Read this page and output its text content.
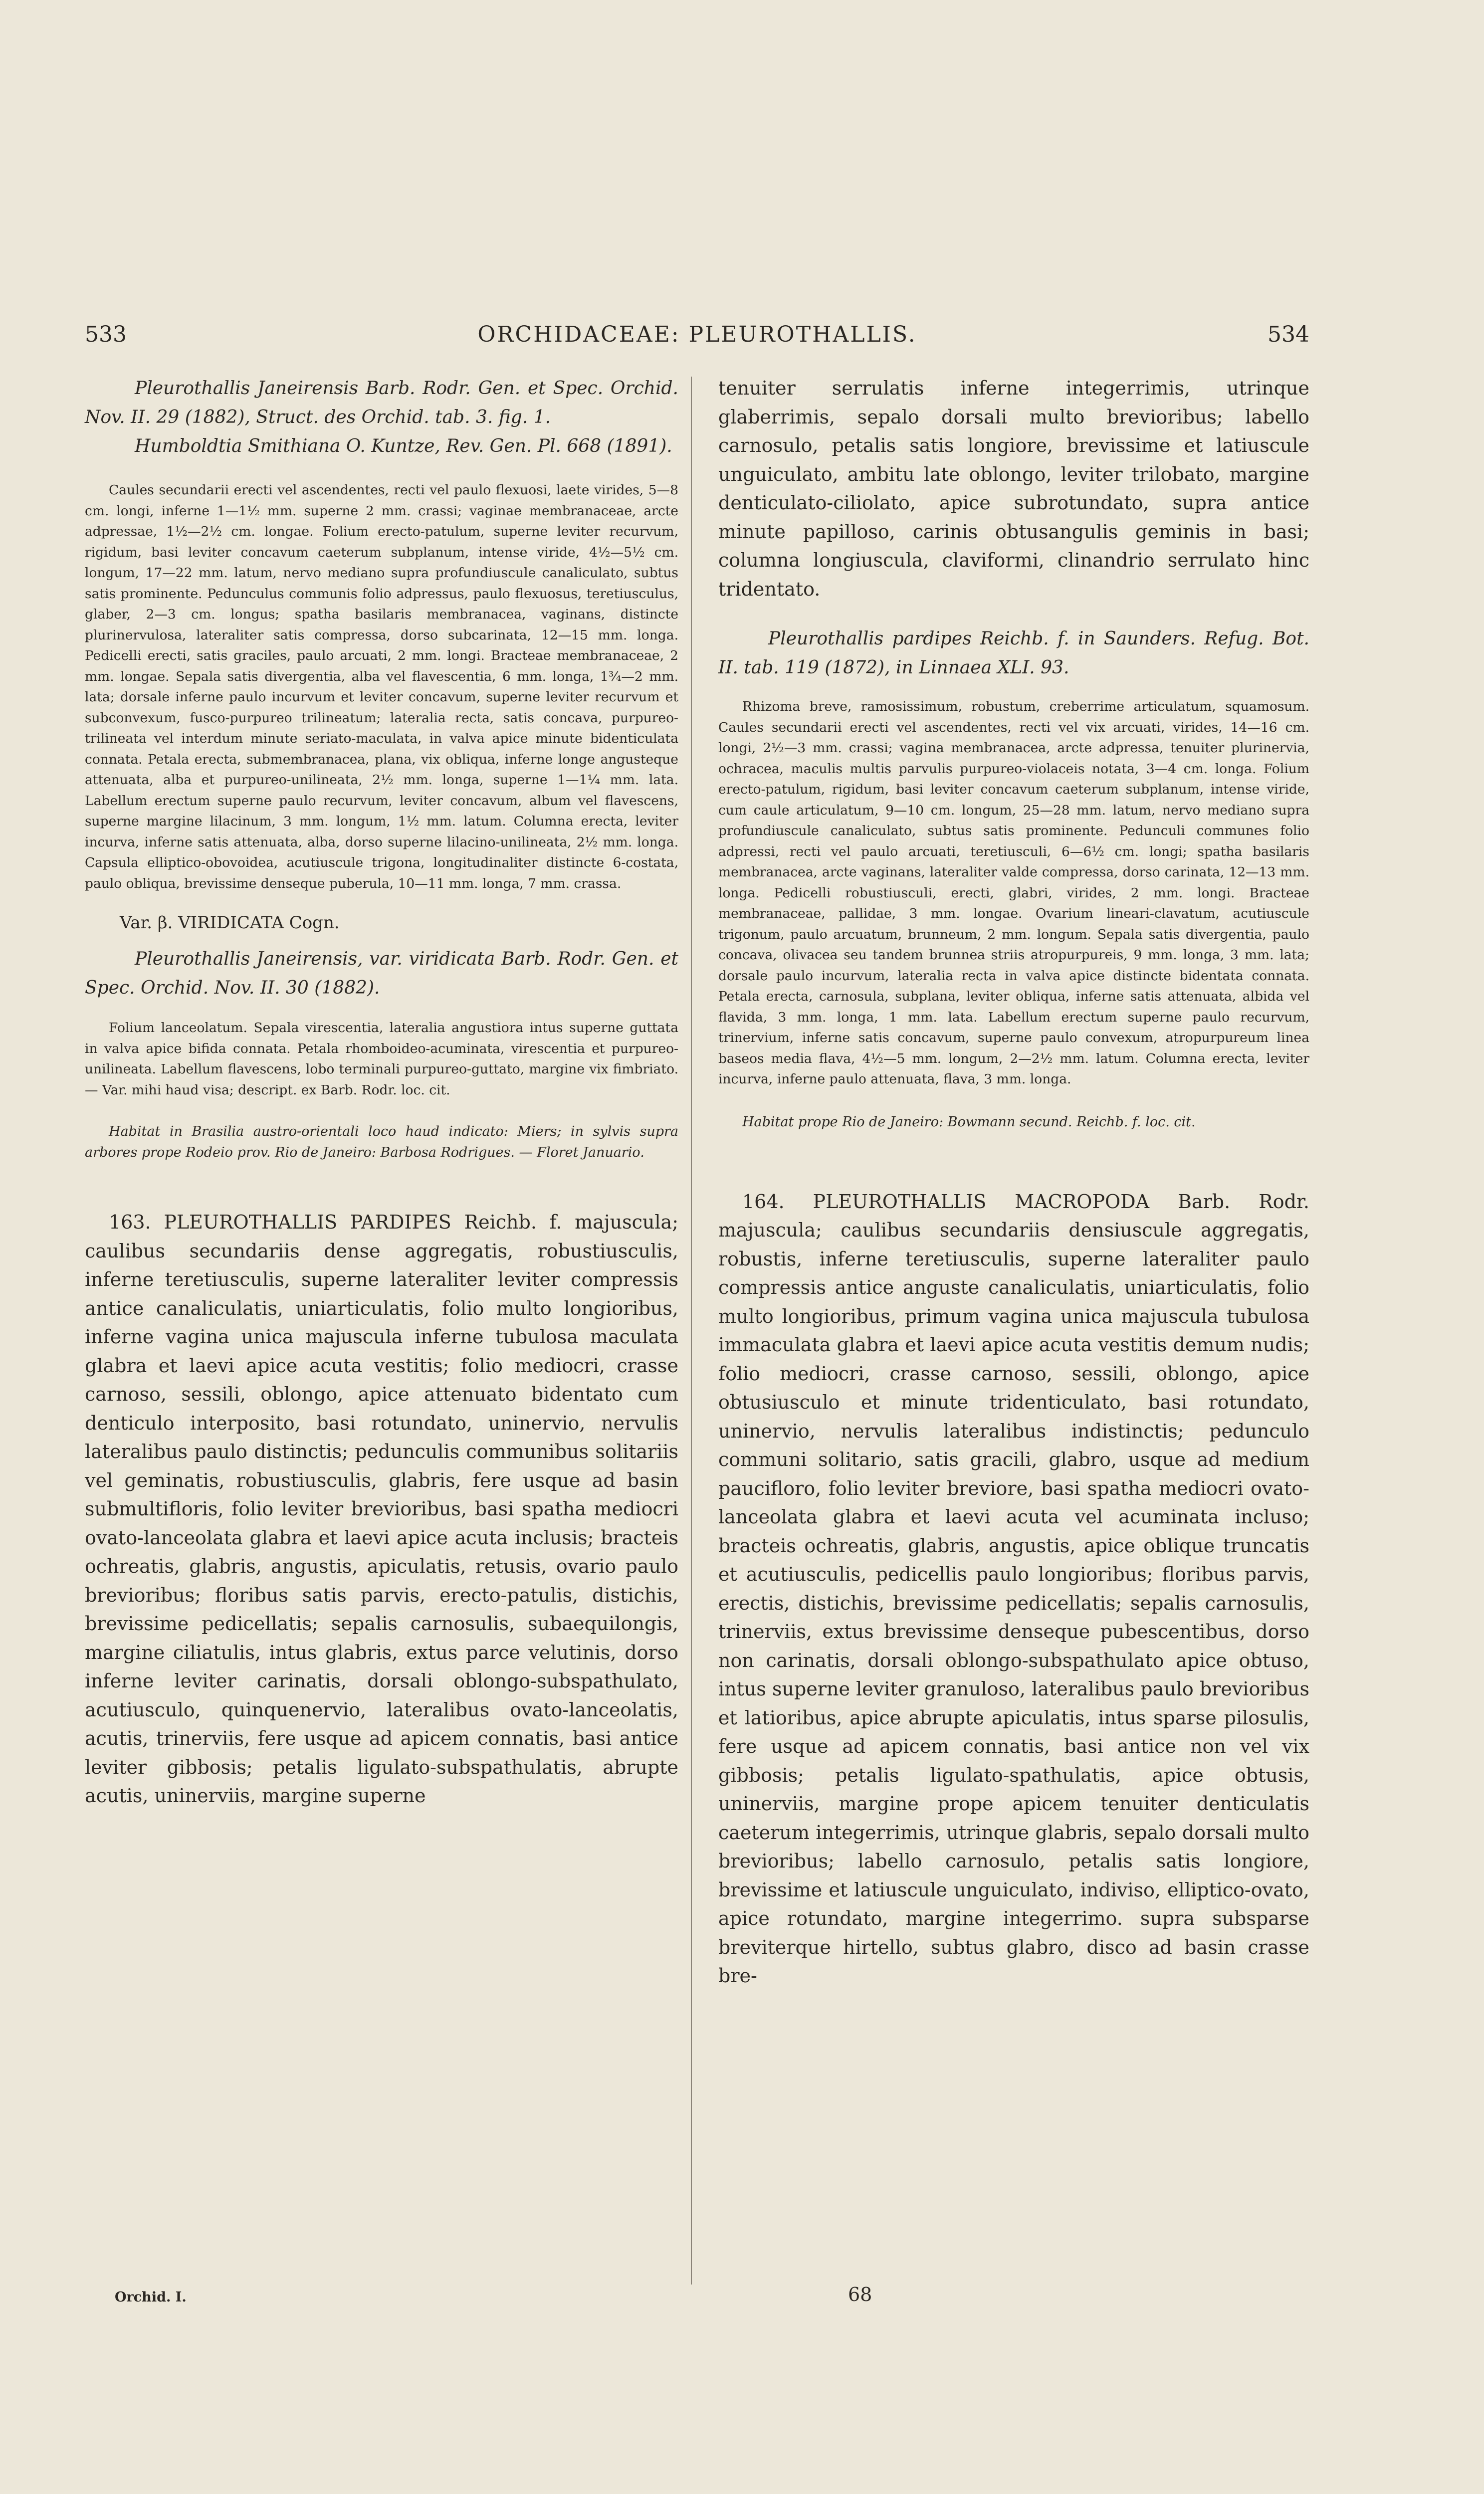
533	ORCHIDACEAE: PLEUROTHALLIS.	534

Pleurothallis Janeirensis Barb. Rodr. Gen. et Spec. Orchid. Nov. II. 29 (1882), Struct. des Orchid. tab. 3. fig. 1.

Humboldtia Smithiana O. Kuntze, Rev. Gen. Pl. 668 (1891).

Caules secundarii erecti vel ascendentes, recti vel paulo flexuosi, laete virides, 5—8 cm. longi, inferne 1—1½ mm. superne 2 mm. crassi; vaginae membranaceae, arcte adpressae, 1½—2½ cm. longae. Folium erecto-patulum, superne leviter recurvum, rigidum, basi leviter concavum caeterum subplanum, intense viride, 4½—5½ cm. longum, 17—22 mm. latum, nervo mediano supra profundiuscule canaliculato, subtus satis prominente. Pedunculus communis folio adpressus, paulo flexuosus, teretiusculus, glaber, 2—3 cm. longus; spatha basilaris membranacea, vaginans, distincte plurinervulosa, lateraliter satis compressa, dorso subcarinata, 12—15 mm. longa. Pedicelli erecti, satis graciles, paulo arcuati, 2 mm. longi. Bracteae membranaceae, 2 mm. longae. Sepala satis divergentia, alba vel flavescentia, 6 mm. longa, 1¾—2 mm. lata; dorsale inferne paulo incurvum et leviter concavum, superne leviter recurvum et subconvexum, fusco-purpureo trilineatum; lateralia recta, satis concava, purpureo-trilineata vel interdum minute seriato-maculata, in valva apice minute bidenticulata connata. Petala erecta, submembranacea, plana, vix obliqua, inferne longe angusteque attenuata, alba et purpureo-unilineata, 2½ mm. longa, superne 1—1¼ mm. lata. Labellum erectum superne paulo recurvum, leviter concavum, album vel flavescens, superne margine lilacinum, 3 mm. longum, 1½ mm. latum. Columna erecta, leviter incurva, inferne satis attenuata, alba, dorso superne lilacino-unilineata, 2½ mm. longa. Capsula elliptico-obovoidea, acutiuscule trigona, longitudinaliter distincte 6-costata, paulo obliqua, brevissime denseque puberula, 10—11 mm. longa, 7 mm. crassa.

Var. β. VIRIDICATA Cogn.

Pleurothallis Janeirensis, var. viridicata Barb. Rodr. Gen. et Spec. Orchid. Nov. II. 30 (1882).

Folium lanceolatum. Sepala virescentia, lateralia angustiora intus superne guttata in valva apice bifida connata. Petala rhomboideo-acuminata, virescentia et purpureo-unilineata. Labellum flavescens, lobo terminali purpureo-guttato, margine vix fimbriato. — Var. mihi haud visa; descript. ex Barb. Rodr. loc. cit.

Habitat in Brasilia austro-orientali loco haud indicato: Miers; in sylvis supra arbores prope Rodeio prov. Rio de Janeiro: Barbosa Rodrigues. — Floret Januario.

163. PLEUROTHALLIS PARDIPES Reichb. f. majuscula; caulibus secundariis dense aggregatis, robustiusculis, inferne teretiusculis, superne lateraliter leviter compressis antice canaliculatis, uniarticulatis, folio multo longioribus, inferne vagina unica majuscula inferne tubulosa maculata glabra et laevi apice acuta vestitis; folio mediocri, crasse carnoso, sessili, oblongo, apice attenuato bidentato cum denticulo interposito, basi rotundato, uninervio, nervulis lateralibus paulo distinctis; pedunculis communibus solitariis vel geminatis, robustiusculis, glabris, fere usque ad basin submultifloris, folio leviter brevioribus, basi spatha mediocri ovato-lanceolata glabra et laevi apice acuta inclusis; bracteis ochreatis, glabris, angustis, apiculatis, retusis, ovario paulo brevioribus; floribus satis parvis, erecto-patulis, distichis, brevissime pedicellatis; sepalis carnosulis, subaequilongis, margine ciliatulis, intus glabris, extus parce velutinis, dorso inferne leviter carinatis, dorsali oblongo-subspathulato, acutiusculo, quinquenervio, lateralibus ovato-lanceolatis, acutis, trinerviis, fere usque ad apicem connatis, basi antice leviter gibbosis; petalis ligulato-subspathulatis, abrupte acutis, uninerviis, margine superne

tenuiter serrulatis inferne integerrimis, utrinque glaberrimis, sepalo dorsali multo brevioribus; labello carnosulo, petalis satis longiore, brevissime et latiuscule unguiculato, ambitu late oblongo, leviter trilobato, margine denticulato-ciliolato, apice subrotundato, supra antice minute papilloso, carinis obtusangulis geminis in basi; columna longiuscula, claviformi, clinandrio serrulato hinc tridentato.

Pleurothallis pardipes Reichb. f. in Saunders. Refug. Bot. II. tab. 119 (1872), in Linnaea XLI. 93.

Rhizoma breve, ramosissimum, robustum, creberrime articulatum, squamosum. Caules secundarii erecti vel ascendentes, recti vel vix arcuati, virides, 14—16 cm. longi, 2½—3 mm. crassi; vagina membranacea, arcte adpressa, tenuiter plurinervia, ochracea, maculis multis parvulis purpureo-violaceis notata, 3—4 cm. longa. Folium erecto-patulum, rigidum, basi leviter concavum caeterum subplanum, intense viride, cum caule articulatum, 9—10 cm. longum, 25—28 mm. latum, nervo mediano supra profundiuscule canaliculato, subtus satis prominente. Pedunculi communes folio adpressi, recti vel paulo arcuati, teretiusculi, 6—6½ cm. longi; spatha basilaris membranacea, arcte vaginans, lateraliter valde compressa, dorso carinata, 12—13 mm. longa. Pedicelli robustiusculi, erecti, glabri, virides, 2 mm. longi. Bracteae membranaceae, pallidae, 3 mm. longae. Ovarium lineari-clavatum, acutiuscule trigonum, paulo arcuatum, brunneum, 2 mm. longum. Sepala satis divergentia, paulo concava, olivacea seu tandem brunnea striis atropurpureis, 9 mm. longa, 3 mm. lata; dorsale paulo incurvum, lateralia recta in valva apice distincte bidentata connata. Petala erecta, carnosula, subplana, leviter obliqua, inferne satis attenuata, albida vel flavida, 3 mm. longa, 1 mm. lata. Labellum erectum superne paulo recurvum, trinervium, inferne satis concavum, superne paulo convexum, atropurpureum linea baseos media flava, 4½—5 mm. longum, 2—2½ mm. latum. Columna erecta, leviter incurva, inferne paulo attenuata, flava, 3 mm. longa.

Habitat prope Rio de Janeiro: Bowmann secund. Reichb. f. loc. cit.

164. PLEUROTHALLIS MACROPODA Barb. Rodr. majuscula; caulibus secundariis densiuscule aggregatis, robustis, inferne teretiusculis, superne lateraliter paulo compressis antice anguste canaliculatis, uniarticulatis, folio multo longioribus, primum vagina unica majuscula tubulosa immaculata glabra et laevi apice acuta vestitis demum nudis; folio mediocri, crasse carnoso, sessili, oblongo, apice obtusiusculo et minute tridenticulato, basi rotundato, uninervio, nervulis lateralibus indistinctis; pedunculo communi solitario, satis gracili, glabro, usque ad medium paucifloro, folio leviter breviore, basi spatha mediocri ovato-lanceolata glabra et laevi acuta vel acuminata incluso; bracteis ochreatis, glabris, angustis, apice oblique truncatis et acutiusculis, pedicellis paulo longioribus; floribus parvis, erectis, distichis, brevissime pedicellatis; sepalis carnosulis, trinerviis, extus brevissime denseque pubescentibus, dorso non carinatis, dorsali oblongo-subspathulato apice obtuso, intus superne leviter granuloso, lateralibus paulo brevioribus et latioribus, apice abrupte apiculatis, intus sparse pilosulis, fere usque ad apicem connatis, basi antice non vel vix gibbosis; petalis ligulato-spathulatis, apice obtusis, uninerviis, margine prope apicem tenuiter denticulatis caeterum integerrimis, utrinque glabris, sepalo dorsali multo brevioribus; labello carnosulo, petalis satis longiore, brevissime et latiuscule unguiculato, indiviso, elliptico-ovato, apice rotundato, margine integerrimo. supra subsparse breviterque hirtello, subtus glabro, disco ad basin crasse bre-

Orchid. I.	68
